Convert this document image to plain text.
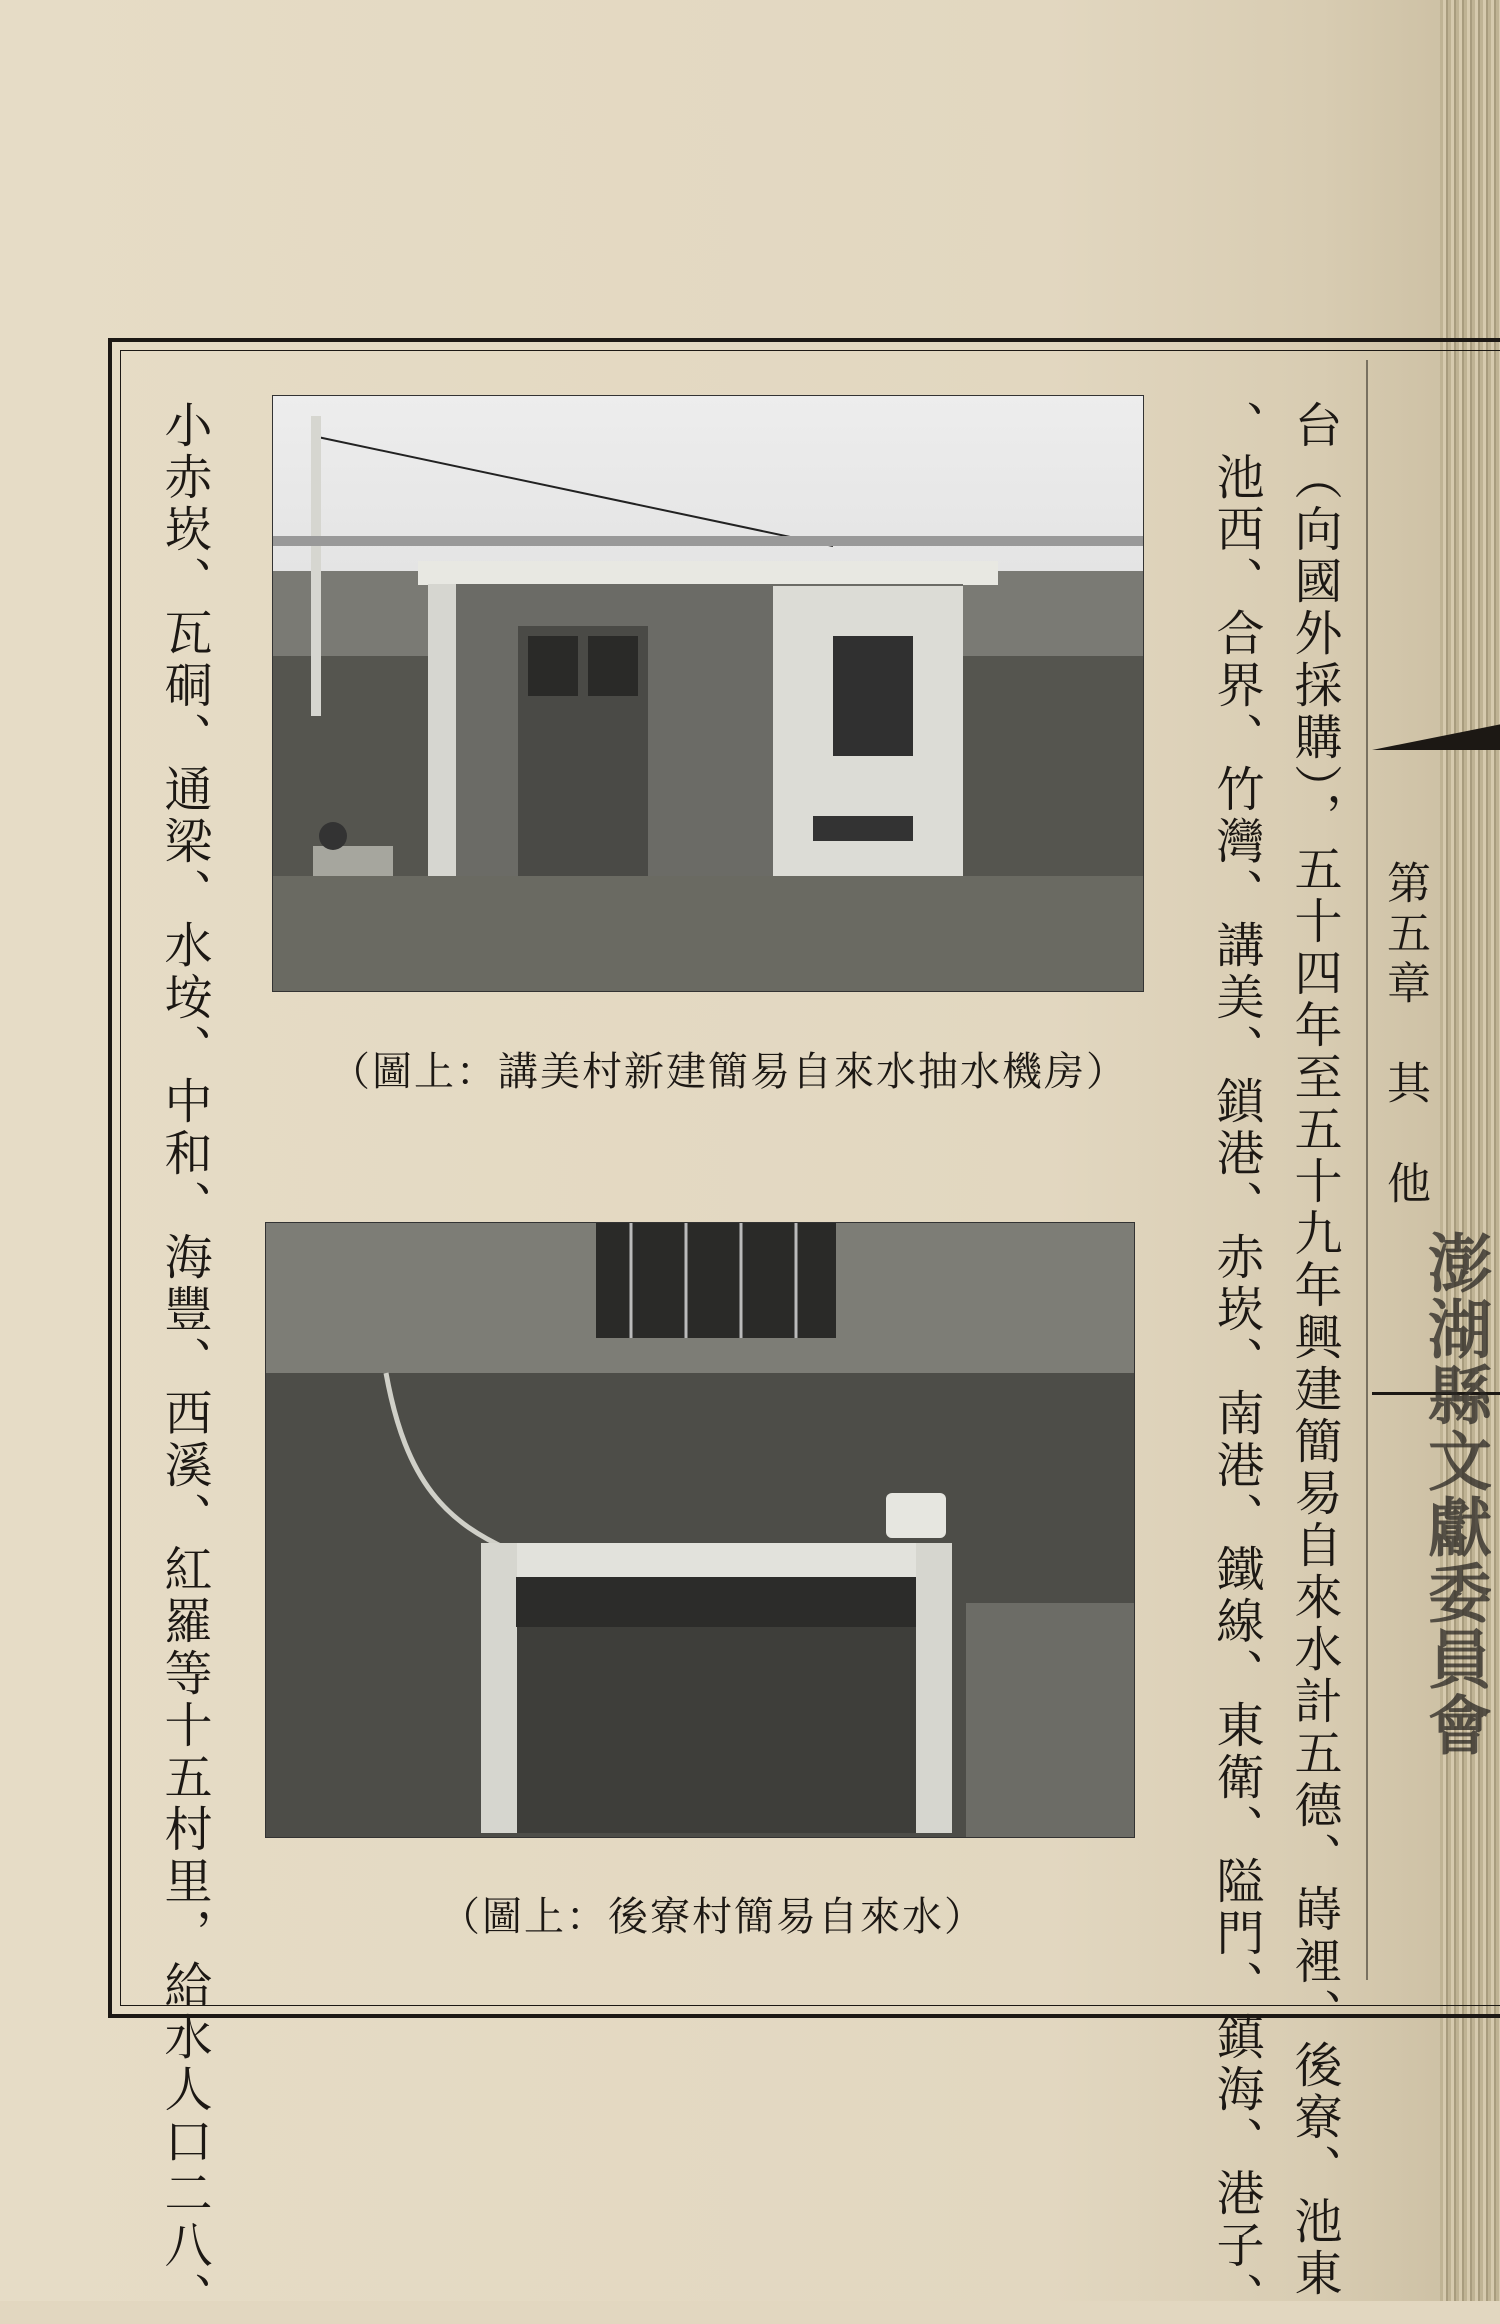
第五章　其　他
澎湖縣文獻委員會
台（向國外採購），五十四年至五十九年興建簡易自來水計五德、嵵裡、後寮、池東
、池西、合界、竹灣、講美、鎖港、赤崁、南港、鐵線、東衛、隘門、鎮海、港子、
小赤崁、瓦硐、通梁、水垵、中和、海豐、西溪、紅羅等十五村里，給水人口二八、	（圖上：講美村新建簡易自來水抽水機房）
（圖上：後寮村簡易自來水）
